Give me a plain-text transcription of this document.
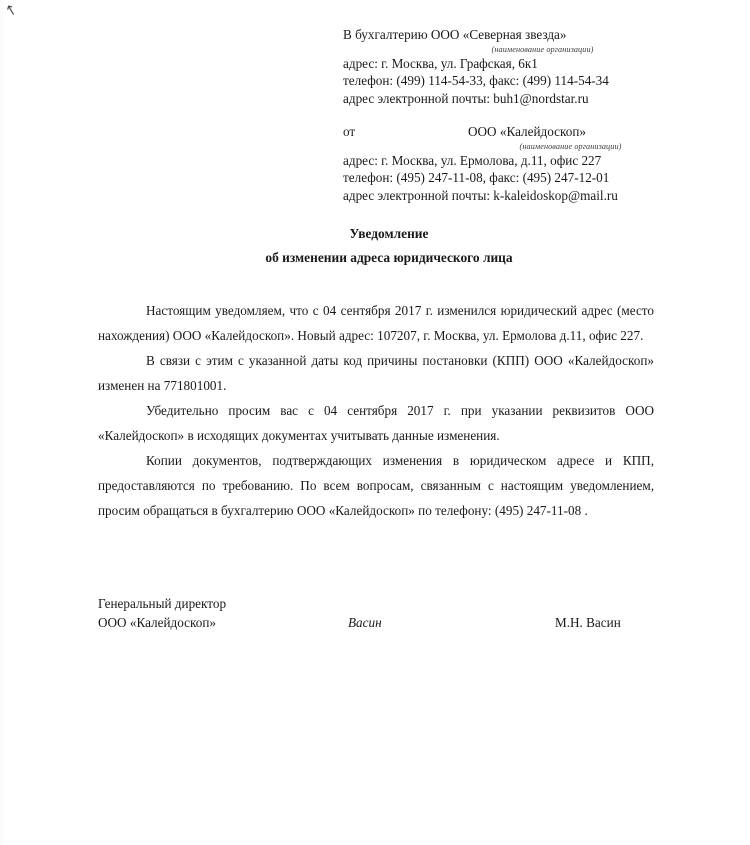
↖
В бухгалтерию ООО «Северная звезда»
(наименование организации)
адрес: г. Москва, ул. Графская, 6к1
телефон: (499) 114-54-33, факс: (499) 114-54-34
адрес электронной почты: buh1@nordstar.ru
от	ООО «Калейдоскоп»
(наименование организации)
адрес: г. Москва, ул. Ермолова, д.11, офис 227
телефон: (495) 247-11-08, факс: (495) 247-12-01
адрес электронной почты: k-kaleidoskop@mail.ru
Уведомление
об изменении адреса юридического лица

Настоящим уведомляем, что с 04 сентября 2017 г. изменился юридический адрес (место нахождения) ООО «Калейдоскоп». Новый адрес: 107207, г. Москва, ул. Ермолова д.11, офис 227.

В связи с этим с указанной даты код причины постановки (КПП) ООО «Калейдоскоп» изменен на 771801001.

Убедительно просим вас с 04 сентября 2017 г. при указании реквизитов ООО «Калейдоскоп» в исходящих документах учитывать данные изменения.

Копии документов, подтверждающих изменения в юридическом адресе и КПП, предоставляются по требованию. По всем вопросам, связанным с настоящим уведомлением, просим обращаться в бухгалтерию ООО «Калейдоскоп» по телефону: (495) 247-11-08 .

Генеральный директор
ООО «Калейдоскоп»	Васин	М.Н. Васин
